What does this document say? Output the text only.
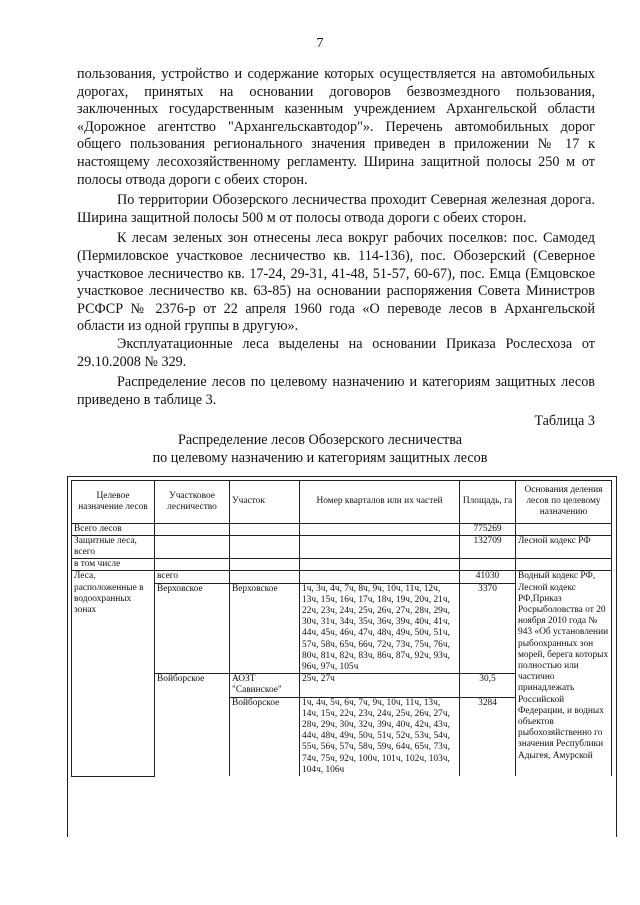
7

пользования, устройство и содержание которых осуществляется на автомобильных дорогах, принятых на основании договоров безвозмездного пользования, заключенных государственным казенным учреждением Архангельской области «Дорожное агентство "Архангельскавтодор"». Перечень автомобильных дорог общего пользования регионального значения приведен в приложении № 17 к настоящему лесохозяйственному регламенту. Ширина защитной полосы 250 м от полосы отвода дороги с обеих сторон.

По территории Обозерского лесничества проходит Северная железная дорога. Ширина защитной полосы 500 м от полосы отвода дороги с обеих сторон.

К лесам зеленых зон отнесены леса вокруг рабочих поселков: пос. Самодед (Пермиловское участковое лесничество кв. 114-136), пос. Обозерский (Северное участковое лесничество кв. 17-24, 29-31, 41-48, 51-57, 60-67), пос. Емца (Емцовское участковое лесничество кв. 63-85) на основании распоряжения Совета Министров РСФСР № 2376-р от 22 апреля 1960 года «О переводе лесов в Архангельской области из одной группы в другую».

Эксплуатационные леса выделены на основании Приказа Рослесхоза от 29.10.2008 № 329.

Распределение лесов по целевому назначению и категориям защитных лесов приведено в таблице 3.

Таблица 3
Распределение лесов Обозерского лесничества
по целевому назначению и категориям защитных лесов
Целевое назначение лесов	Участковое лесничество	Участок	Номер кварталов или их частей	Площадь, га	Основания деления лесов по целевому назначению
Всего лесов				775269	
Защитные леса, всего				132709	Лесной кодекс РФ
в том числе					
Леса, расположенные в водоохранных зонах	всего			41030	Водный кодекс РФ, Лесной кодекс РФ,Приказ Росрыболовства от 20 ноября 2010 года № 943 «Об установлении рыбоохранных зон морей, берега которых полностью или частично принадлежать Российской Федерации, и водных объектов рыбохозяйственно го значения Республики Адыгея, Амурской
	Верховское	Верховское	1ч, 3ч, 4ч, 7ч, 8ч, 9ч, 10ч, 11ч, 12ч, 13ч, 15ч, 16ч, 17ч, 18ч, 19ч, 20ч, 21ч, 22ч, 23ч, 24ч, 25ч, 26ч, 27ч, 28ч, 29ч, 30ч, 31ч, 34ч, 35ч, 36ч, 39ч, 40ч, 41ч, 44ч, 45ч, 46ч, 47ч, 48ч, 49ч, 50ч, 51ч, 57ч, 58ч, 65ч, 66ч, 72ч, 73ч, 75ч, 76ч, 80ч, 81ч, 82ч, 83ч, 86ч, 87ч, 92ч, 93ч, 96ч, 97ч, 105ч	3370	
	Войборское	АОЗТ "Савинское"	25ч, 27ч	30,5	
		Войборское	1ч, 4ч, 5ч, 6ч, 7ч, 9ч, 10ч, 11ч, 13ч, 14ч, 15ч, 22ч, 23ч, 24ч, 25ч, 26ч, 27ч, 28ч, 29ч, 30ч, 32ч, 39ч, 40ч, 42ч, 43ч, 44ч, 48ч, 49ч, 50ч, 51ч, 52ч, 53ч, 54ч, 55ч, 56ч, 57ч, 58ч, 59ч, 64ч, 65ч, 73ч, 74ч, 75ч, 92ч, 100ч, 101ч, 102ч, 103ч, 104ч, 106ч	3284	
